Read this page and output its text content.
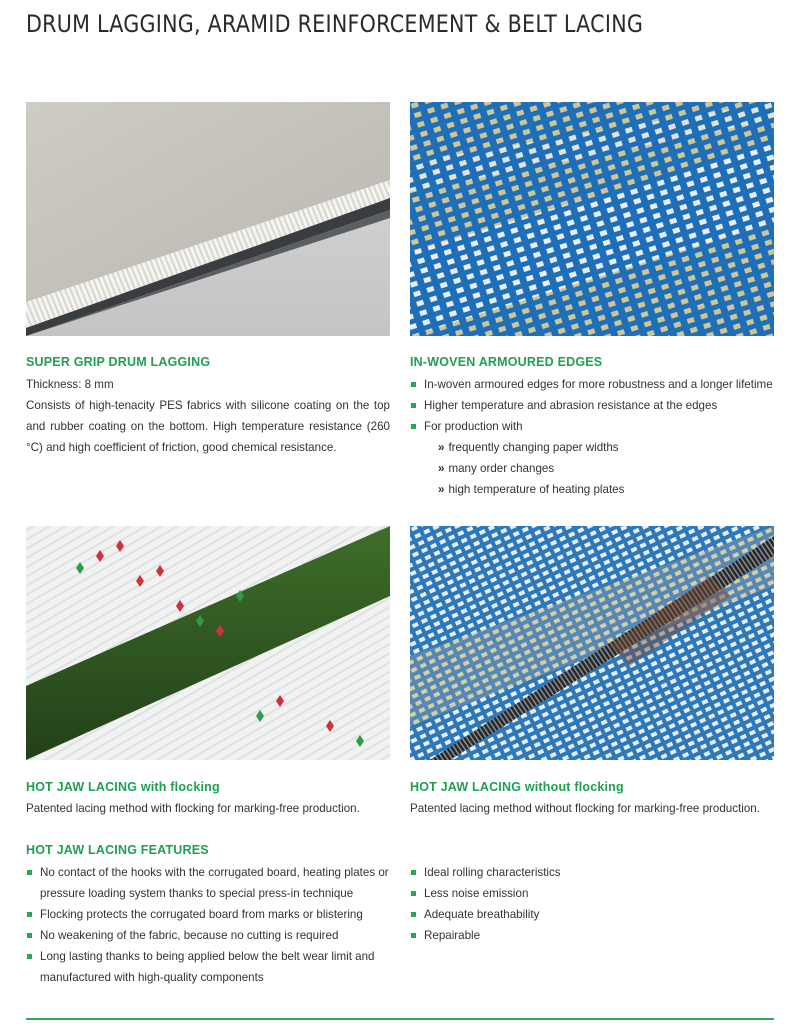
DRUM LAGGING, ARAMID REINFORCEMENT & BELT LACING
SUPER GRIP DRUM LAGGING

Thickness: 8 mm

Consists of high-tenacity PES fabrics with silicone coating on the top and rubber coating on the bottom. High temperature resistance (260 °C) and high coefficient of friction, good chemical resistance.

IN-WOVEN ARMOURED EDGES
In-woven armoured edges for more robustness and a longer lifetime
Higher temperature and abrasion resistance at the edges
For production with
» frequently changing paper widths
» many order changes
» high temperature of heating plates
HOT JAW LACING with flocking
Patented lacing method with flocking for marking-free production.
HOT JAW LACING without flocking
Patented lacing method without flocking for marking-free production.
HOT JAW LACING FEATURES
No contact of the hooks with the corrugated board, heating plates or pressure loading system thanks to special press-in technique
Flocking protects the corrugated board from marks or blistering
No weakening of the fabric, because no cutting is required
Long lasting thanks to being applied below the belt wear limit and manufactured with high-quality components
Ideal rolling characteristics
Less noise emission
Adequate breathability
Repairable
